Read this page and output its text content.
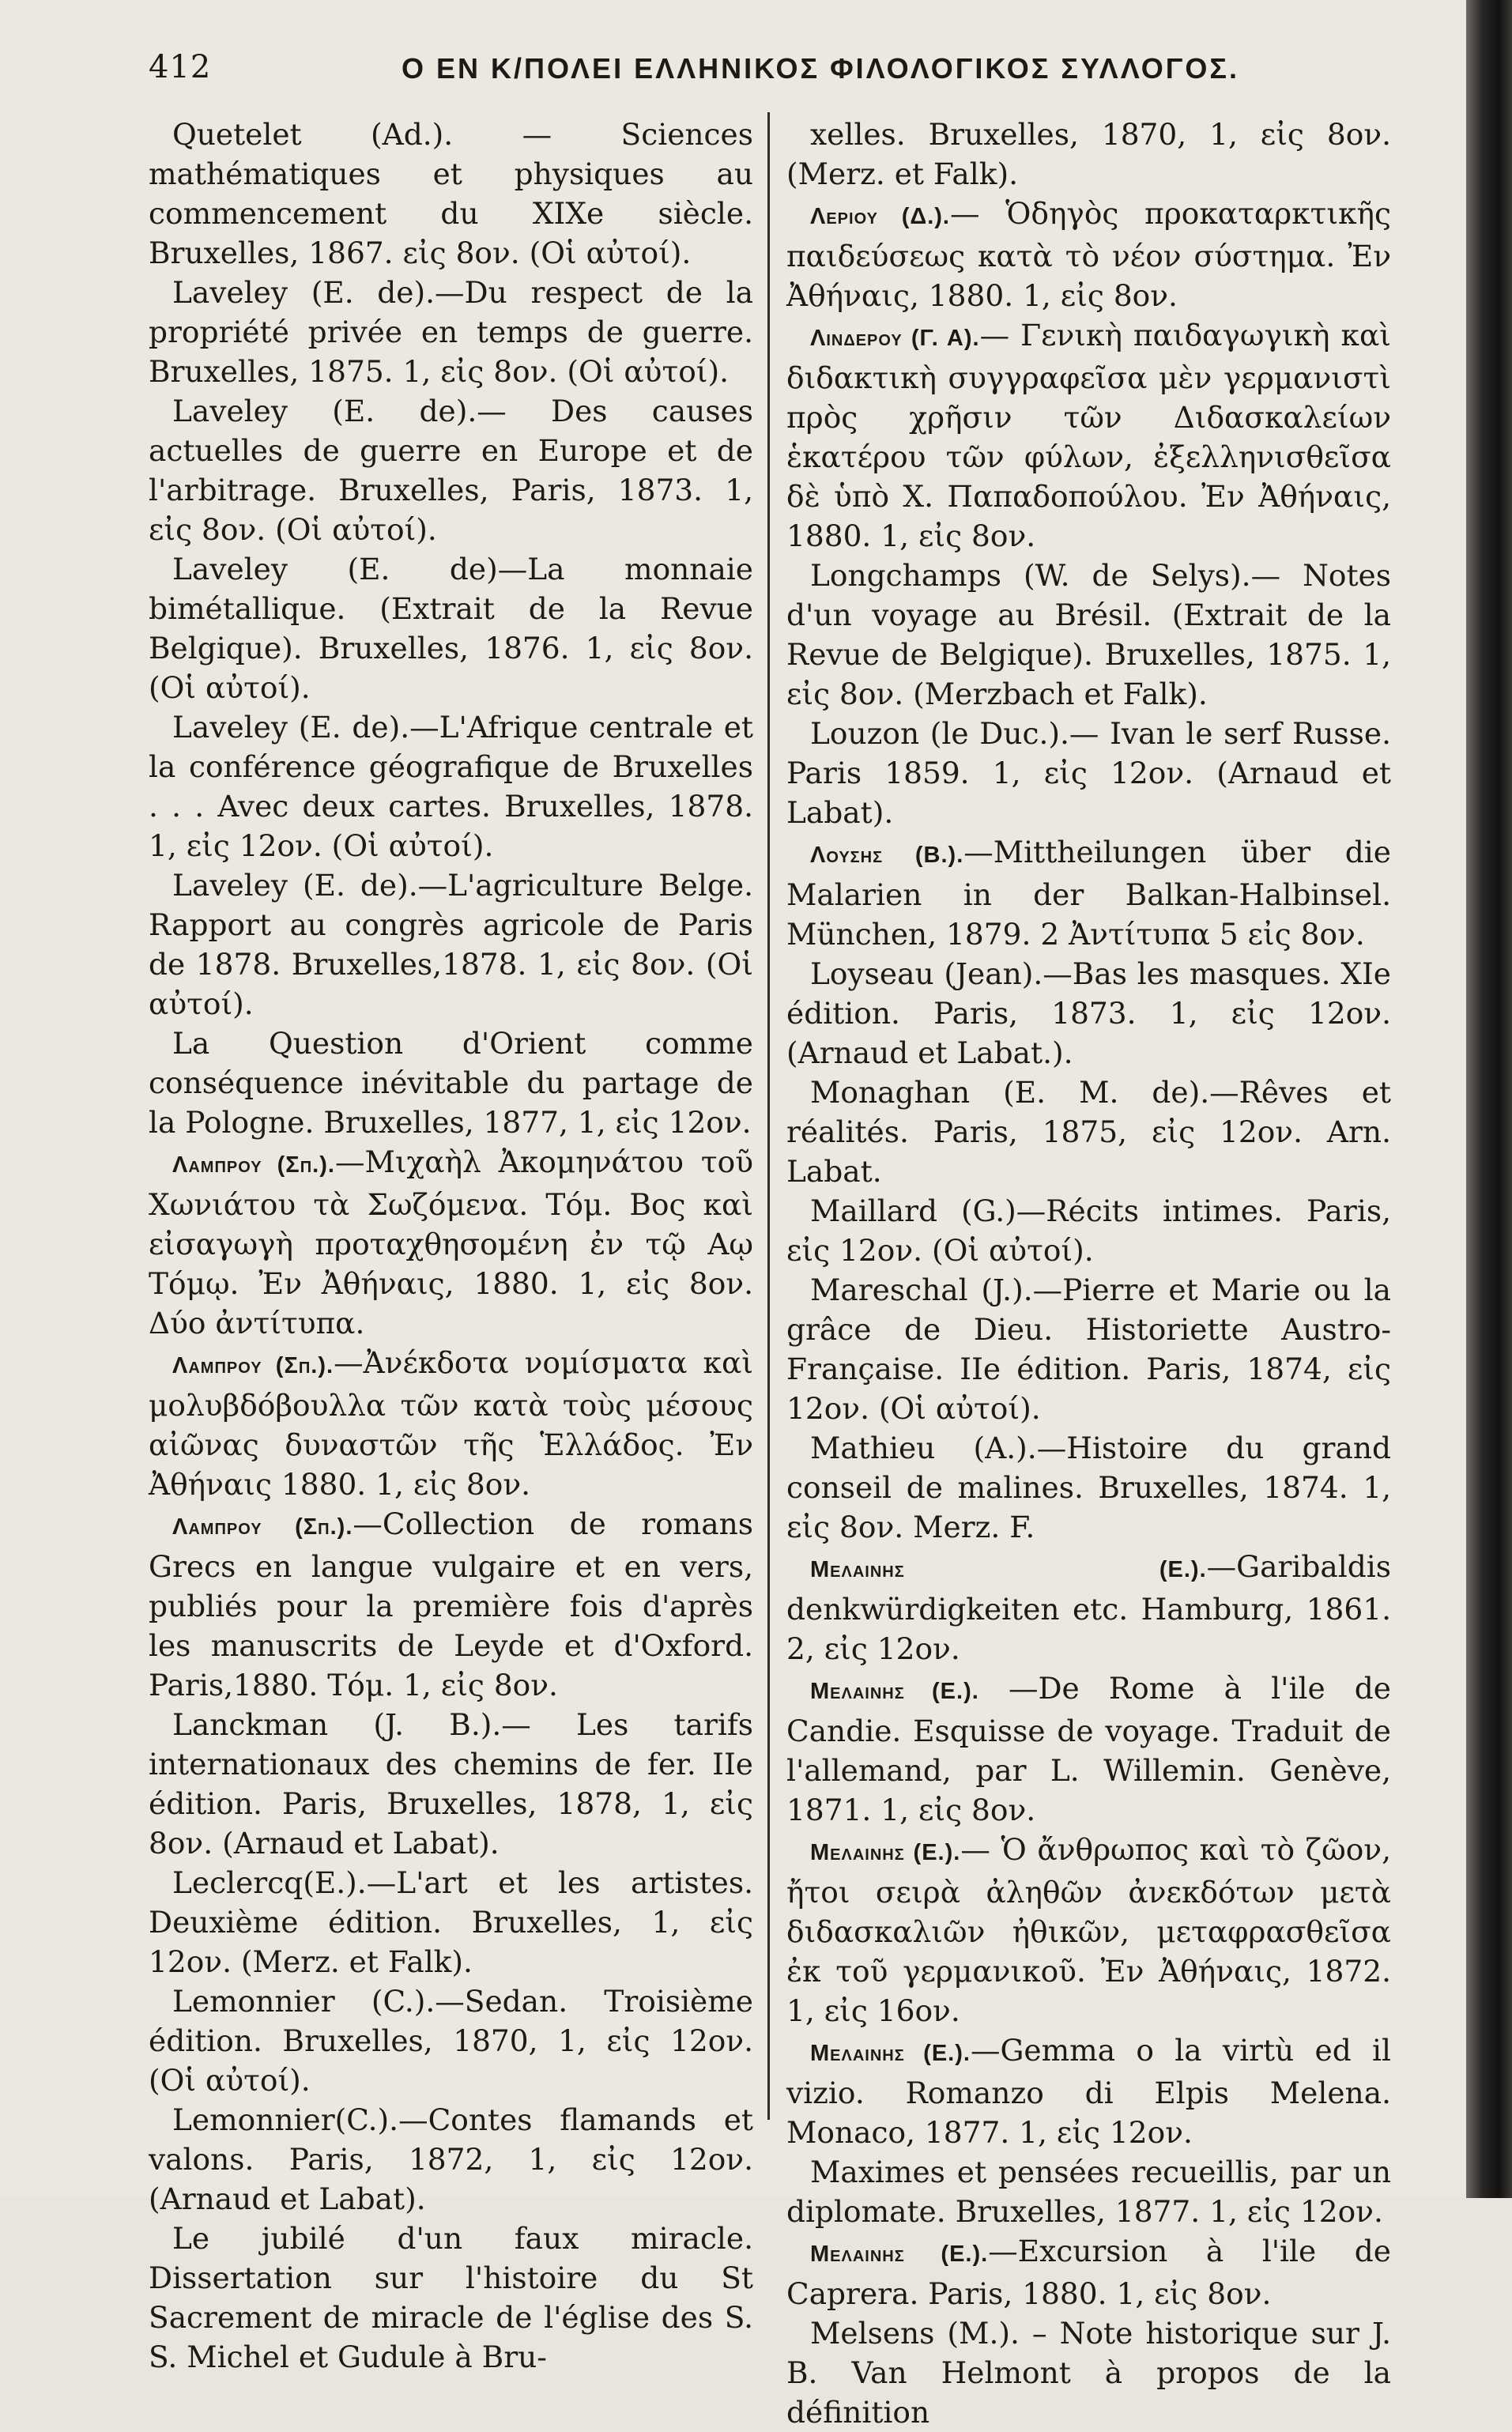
412	Ο ΕΝ Κ/ΠΟΛΕΙ ΕΛΛΗΝΙΚΟΣ ΦΙΛΟΛΟΓΙΚΟΣ ΣΥΛΛΟΓΟΣ.

Quetelet (Ad.). — Sciences mathématiques et physiques au commencement du XIXe siècle. Bruxelles, 1867. εἰς 8ον. (Οἱ αὐτοί).

Laveley (E. de).—Du respect de la propriété privée en temps de guerre. Bruxelles, 1875. 1, εἰς 8ον. (Οἱ αὐτοί).

Laveley (E. de).— Des causes actuelles de guerre en Europe et de l'arbitrage. Bruxelles, Paris, 1873. 1, εἰς 8ον. (Οἱ αὐτοί).

Laveley (E. de)—La monnaie bimétallique. (Extrait de la Revue Belgique). Bruxelles, 1876. 1, εἰς 8ον. (Οἱ αὐτοί).

Laveley (E. de).—L'Afrique centrale et la conférence géografique de Bruxelles . . . Avec deux cartes. Bruxelles, 1878. 1, εἰς 12ον. (Οἱ αὐτοί).

Laveley (E. de).—L'agriculture Belge. Rapport au congrès agricole de Paris de 1878. Bruxelles,1878. 1, εἰς 8ον. (Οἱ αὐτοί).

La Question d'Orient comme conséquence inévitable du partage de la Pologne. Bruxelles, 1877, 1, εἰς 12ον.

Λαμπρου (Σπ.).—Μιχαὴλ Ἀκομηνάτου τοῦ Χωνιάτου τὰ Σωζόμενα. Τόμ. Βος καὶ εἰσαγωγὴ προταχθησομένη ἐν τῷ Αῳ Τόμῳ. Ἐν Ἀθήναις, 1880. 1, εἰς 8ον. Δύο ἀντίτυπα.

Λαμπρου (Σπ.).—Ἀνέκδοτα νομίσματα καὶ μολυβδόβουλλα τῶν κατὰ τοὺς μέσους αἰῶνας δυναστῶν τῆς Ἑλλάδος. Ἐν Ἀθήναις 1880. 1, εἰς 8ον.

Λαμπρου (Σπ.).—Collection de romans Grecs en langue vulgaire et en vers, publiés pour la première fois d'après les manuscrits de Leyde et d'Oxford. Paris,1880. Τόμ. 1, εἰς 8ον.

Lanckman (J. B.).— Les tarifs internationaux des chemins de fer. IIe édition. Paris, Bruxelles, 1878, 1, εἰς 8ον. (Arnaud et Labat).

Leclercq(E.).—L'art et les artistes. Deuxième édition. Bruxelles, 1, εἰς 12ον. (Merz. et Falk).

Lemonnier (C.).—Sedan. Troisième édition. Bruxelles, 1870, 1, εἰς 12ον. (Οἱ αὐτοί).

Lemonnier(C.).—Contes flamands et valons. Paris, 1872, 1, εἰς 12ον. (Arnaud et Labat).

Le jubilé d'un faux miracle. Dissertation sur l'histoire du St Sacrement de miracle de l'église des S. S. Michel et Gudule à Bru-

xelles. Bruxelles, 1870, 1, εἰς 8ον. (Merz. et Falk).

Λεριου (Δ.).— Ὁδηγὸς προκαταρκτικῆς παιδεύσεως κατὰ τὸ νέον σύστημα. Ἐν Ἀθήναις, 1880. 1, εἰς 8ον.

Λινδερου (Γ. Α).— Γενικὴ παιδαγωγικὴ καὶ διδακτικὴ συγγραφεῖσα μὲν γερμανιστὶ πρὸς χρῆσιν τῶν Διδασκαλείων ἑκατέρου τῶν φύλων, ἐξελληνισθεῖσα δὲ ὑπὸ Χ. Παπαδοπούλου. Ἐν Ἀθήναις, 1880. 1, εἰς 8ον.

Longchamps (W. de Selys).— Notes d'un voyage au Brésil. (Extrait de la Revue de Belgique). Bruxelles, 1875. 1, εἰς 8ον. (Merzbach et Falk).

Louzon (le Duc.).— Ivan le serf Russe. Paris 1859. 1, εἰς 12ον. (Arnaud et Labat).

Λουσης (Β.).—Mittheilungen über die Malarien in der Balkan-Halbinsel. München, 1879. 2 Ἀντίτυπα 5 εἰς 8ον.

Loyseau (Jean).—Bas les masques. XIe édition. Paris, 1873. 1, εἰς 12ον. (Arnaud et Labat.).

Monaghan (E. M. de).—Rêves et réalités. Paris, 1875, εἰς 12ον. Arn. Labat.

Maillard (G.)—Récits intimes. Paris, εἰς 12ον. (Οἱ αὐτοί).

Mareschal (J.).—Pierre et Marie ou la grâce de Dieu. Historiette Austro-Française. IIe édition. Paris, 1874, εἰς 12ον. (Οἱ αὐτοί).

Mathieu (A.).—Histoire du grand conseil de malines. Bruxelles, 1874. 1, εἰς 8ον. Merz. F.

Μελαινης (Ε.).—Garibaldis denkwürdigkeiten etc. Hamburg, 1861. 2, εἰς 12ον.

Μελαινης (Ε.). —De Rome à l'ile de Candie. Esquisse de voyage. Traduit de l'allemand, par L. Willemin. Genève, 1871. 1, εἰς 8ον.

Μελαινης (Ε.).— Ὁ ἄνθρωπος καὶ τὸ ζῶον, ἤτοι σειρὰ ἀληθῶν ἀνεκδότων μετὰ διδασκαλιῶν ἠθικῶν, μεταφρασθεῖσα ἐκ τοῦ γερμανικοῦ. Ἐν Ἀθήναις, 1872. 1, εἰς 16ον.

Μελαινης (Ε.).—Gemma o la virtù ed il vizio. Romanzo di Elpis Melena. Monaco, 1877. 1, εἰς 12ον.

Maximes et pensées recueillis, par un diplomate. Bruxelles, 1877. 1, εἰς 12ον.

Μελαινης (Ε.).—Excursion à l'ile de Caprera. Paris, 1880. 1, εἰς 8ον.

Melsens (M.). – Note historique sur J. B. Van Helmont à propos de la définition
